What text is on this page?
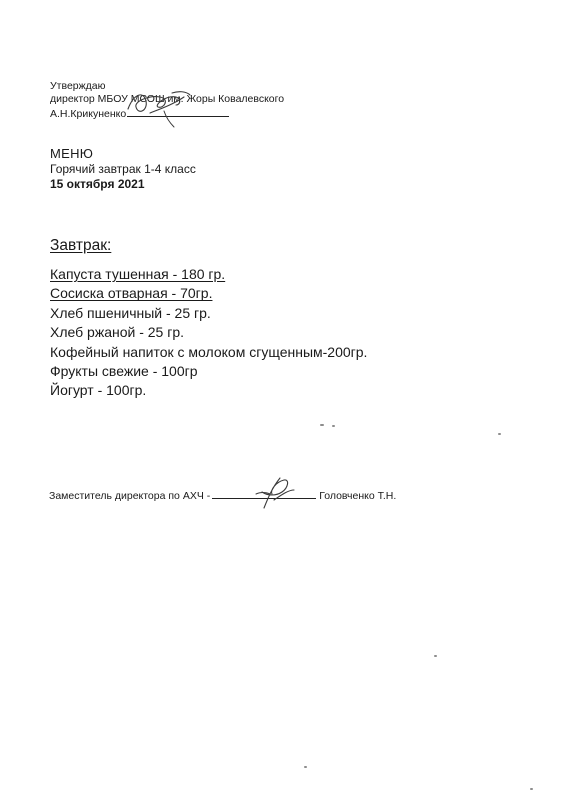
Утверждаю
директор МБОУ МСОШ им. Жоры Ковалевского
А.Н.Крикуненко
МЕНЮ
Горячий завтрак 1-4 класс
15 октября 2021
Завтрак:
Капуста тушенная - 180 гр.
Сосиска отварная - 70гр.
Хлеб пшеничный - 25 гр.
Хлеб ржаной - 25 гр.
Кофейный напиток с молоком сгущенным-200гр.
Фрукты свежие - 100гр
Йогурт - 100гр.
Заместитель директора по АХЧ -	Головченко Т.Н.
